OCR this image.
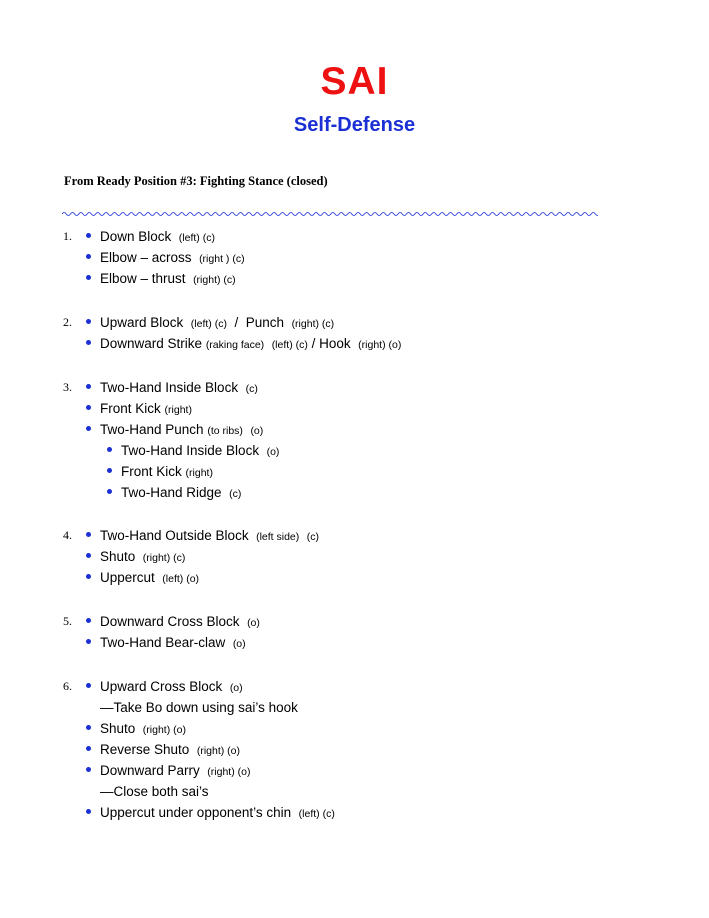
SAI
Self-Defense
From Ready Position #3: Fighting Stance (closed)
1. Down Block (left) (c)
Elbow – across (right ) (c)
Elbow – thrust (right) (c)
2. Upward Block (left) (c) / Punch (right) (c)
Downward Strike (raking face) (left) (c) / Hook (right) (o)
3. Two-Hand Inside Block (c)
Front Kick (right)
Two-Hand Punch (to ribs) (o)
Two-Hand Inside Block (o)
Front Kick (right)
Two-Hand Ridge (c)
4. Two-Hand Outside Block (left side) (c)
Shuto (right) (c)
Uppercut (left) (o)
5. Downward Cross Block (o)
Two-Hand Bear-claw (o)
6. Upward Cross Block (o)
—Take Bo down using sai’s hook
Shuto (right) (o)
Reverse Shuto (right) (o)
Downward Parry (right) (o)
—Close both sai’s
Uppercut under opponent’s chin (left) (c)
